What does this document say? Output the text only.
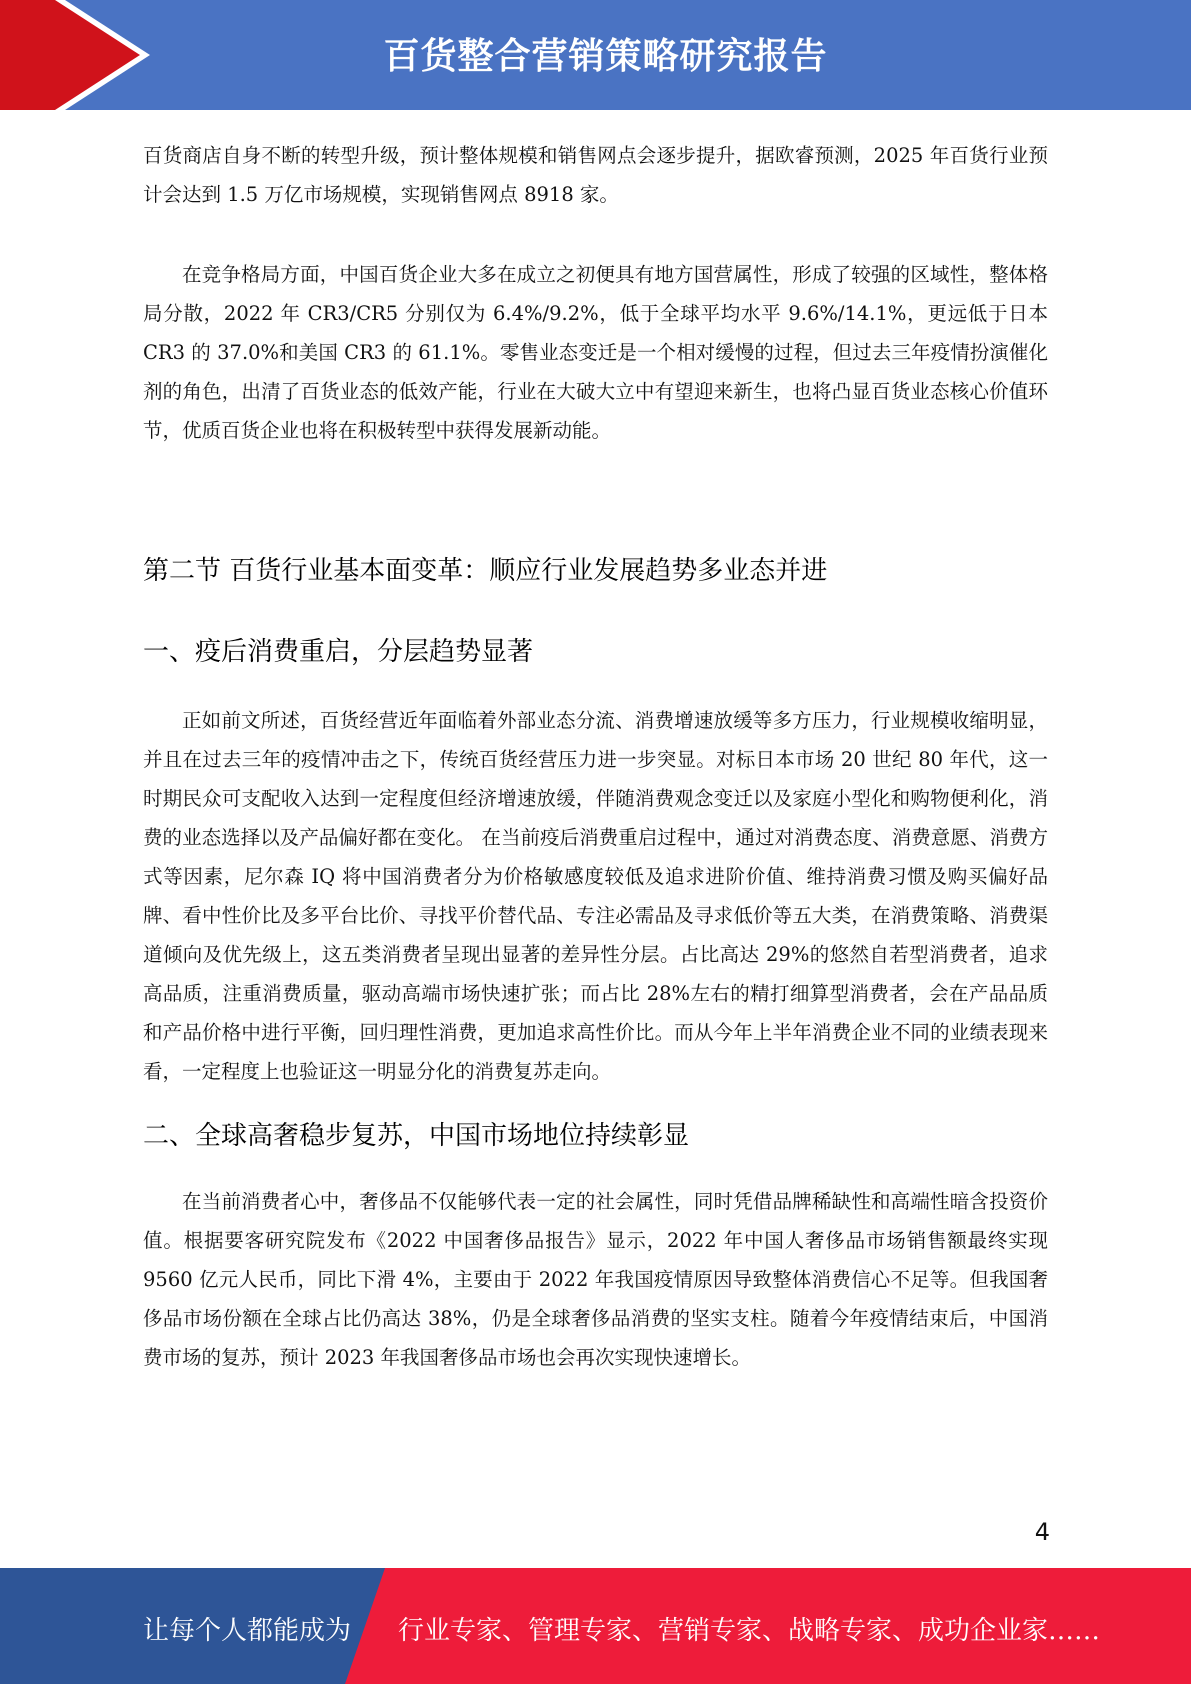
百货整合营销策略研究报告

百货商店自身不断的转型升级，预计整体规模和销售网点会逐步提升，据欧睿预测，2025 年百货行业预计会达到 1.5 万亿市场规模，实现销售网点 8918 家。

在竞争格局方面，中国百货企业大多在成立之初便具有地方国营属性，形成了较强的区域性，整体格局分散，2022 年 CR3/CR5 分别仅为 6.4%/9.2%，低于全球平均水平 9.6%/14.1%，更远低于日本 CR3 的 37.0%和美国 CR3 的 61.1%。零售业态变迁是一个相对缓慢的过程，但过去三年疫情扮演催化剂的角色，出清了百货业态的低效产能，行业在大破大立中有望迎来新生，也将凸显百货业态核心价值环节，优质百货企业也将在积极转型中获得发展新动能。

第二节 百货行业基本面变革：顺应行业发展趋势多业态并进
一、疫后消费重启，分层趋势显著

正如前文所述，百货经营近年面临着外部业态分流、消费增速放缓等多方压力，行业规模收缩明显，并且在过去三年的疫情冲击之下，传统百货经营压力进一步突显。对标日本市场 20 世纪 80 年代，这一时期民众可支配收入达到一定程度但经济增速放缓，伴随消费观念变迁以及家庭小型化和购物便利化，消费的业态选择以及产品偏好都在变化。 在当前疫后消费重启过程中，通过对消费态度、消费意愿、消费方式等因素，尼尔森 IQ 将中国消费者分为价格敏感度较低及追求进阶价值、维持消费习惯及购买偏好品牌、看中性价比及多平台比价、寻找平价替代品、专注必需品及寻求低价等五大类，在消费策略、消费渠道倾向及优先级上，这五类消费者呈现出显著的差异性分层。占比高达 29%的悠然自若型消费者，追求高品质，注重消费质量，驱动高端市场快速扩张；而占比 28%左右的精打细算型消费者，会在产品品质和产品价格中进行平衡，回归理性消费，更加追求高性价比。而从今年上半年消费企业不同的业绩表现来看，一定程度上也验证这一明显分化的消费复苏走向。

二、全球高奢稳步复苏，中国市场地位持续彰显

在当前消费者心中，奢侈品不仅能够代表一定的社会属性，同时凭借品牌稀缺性和高端性暗含投资价值。根据要客研究院发布《2022 中国奢侈品报告》显示，2022 年中国人奢侈品市场销售额最终实现 9560 亿元人民币，同比下滑 4%，主要由于 2022 年我国疫情原因导致整体消费信心不足等。但我国奢侈品市场份额在全球占比仍高达 38%，仍是全球奢侈品消费的坚实支柱。随着今年疫情结束后，中国消费市场的复苏，预计 2023 年我国奢侈品市场也会再次实现快速增长。

4
让每个人都能成为 行业专家、管理专家、营销专家、战略专家、成功企业家……
